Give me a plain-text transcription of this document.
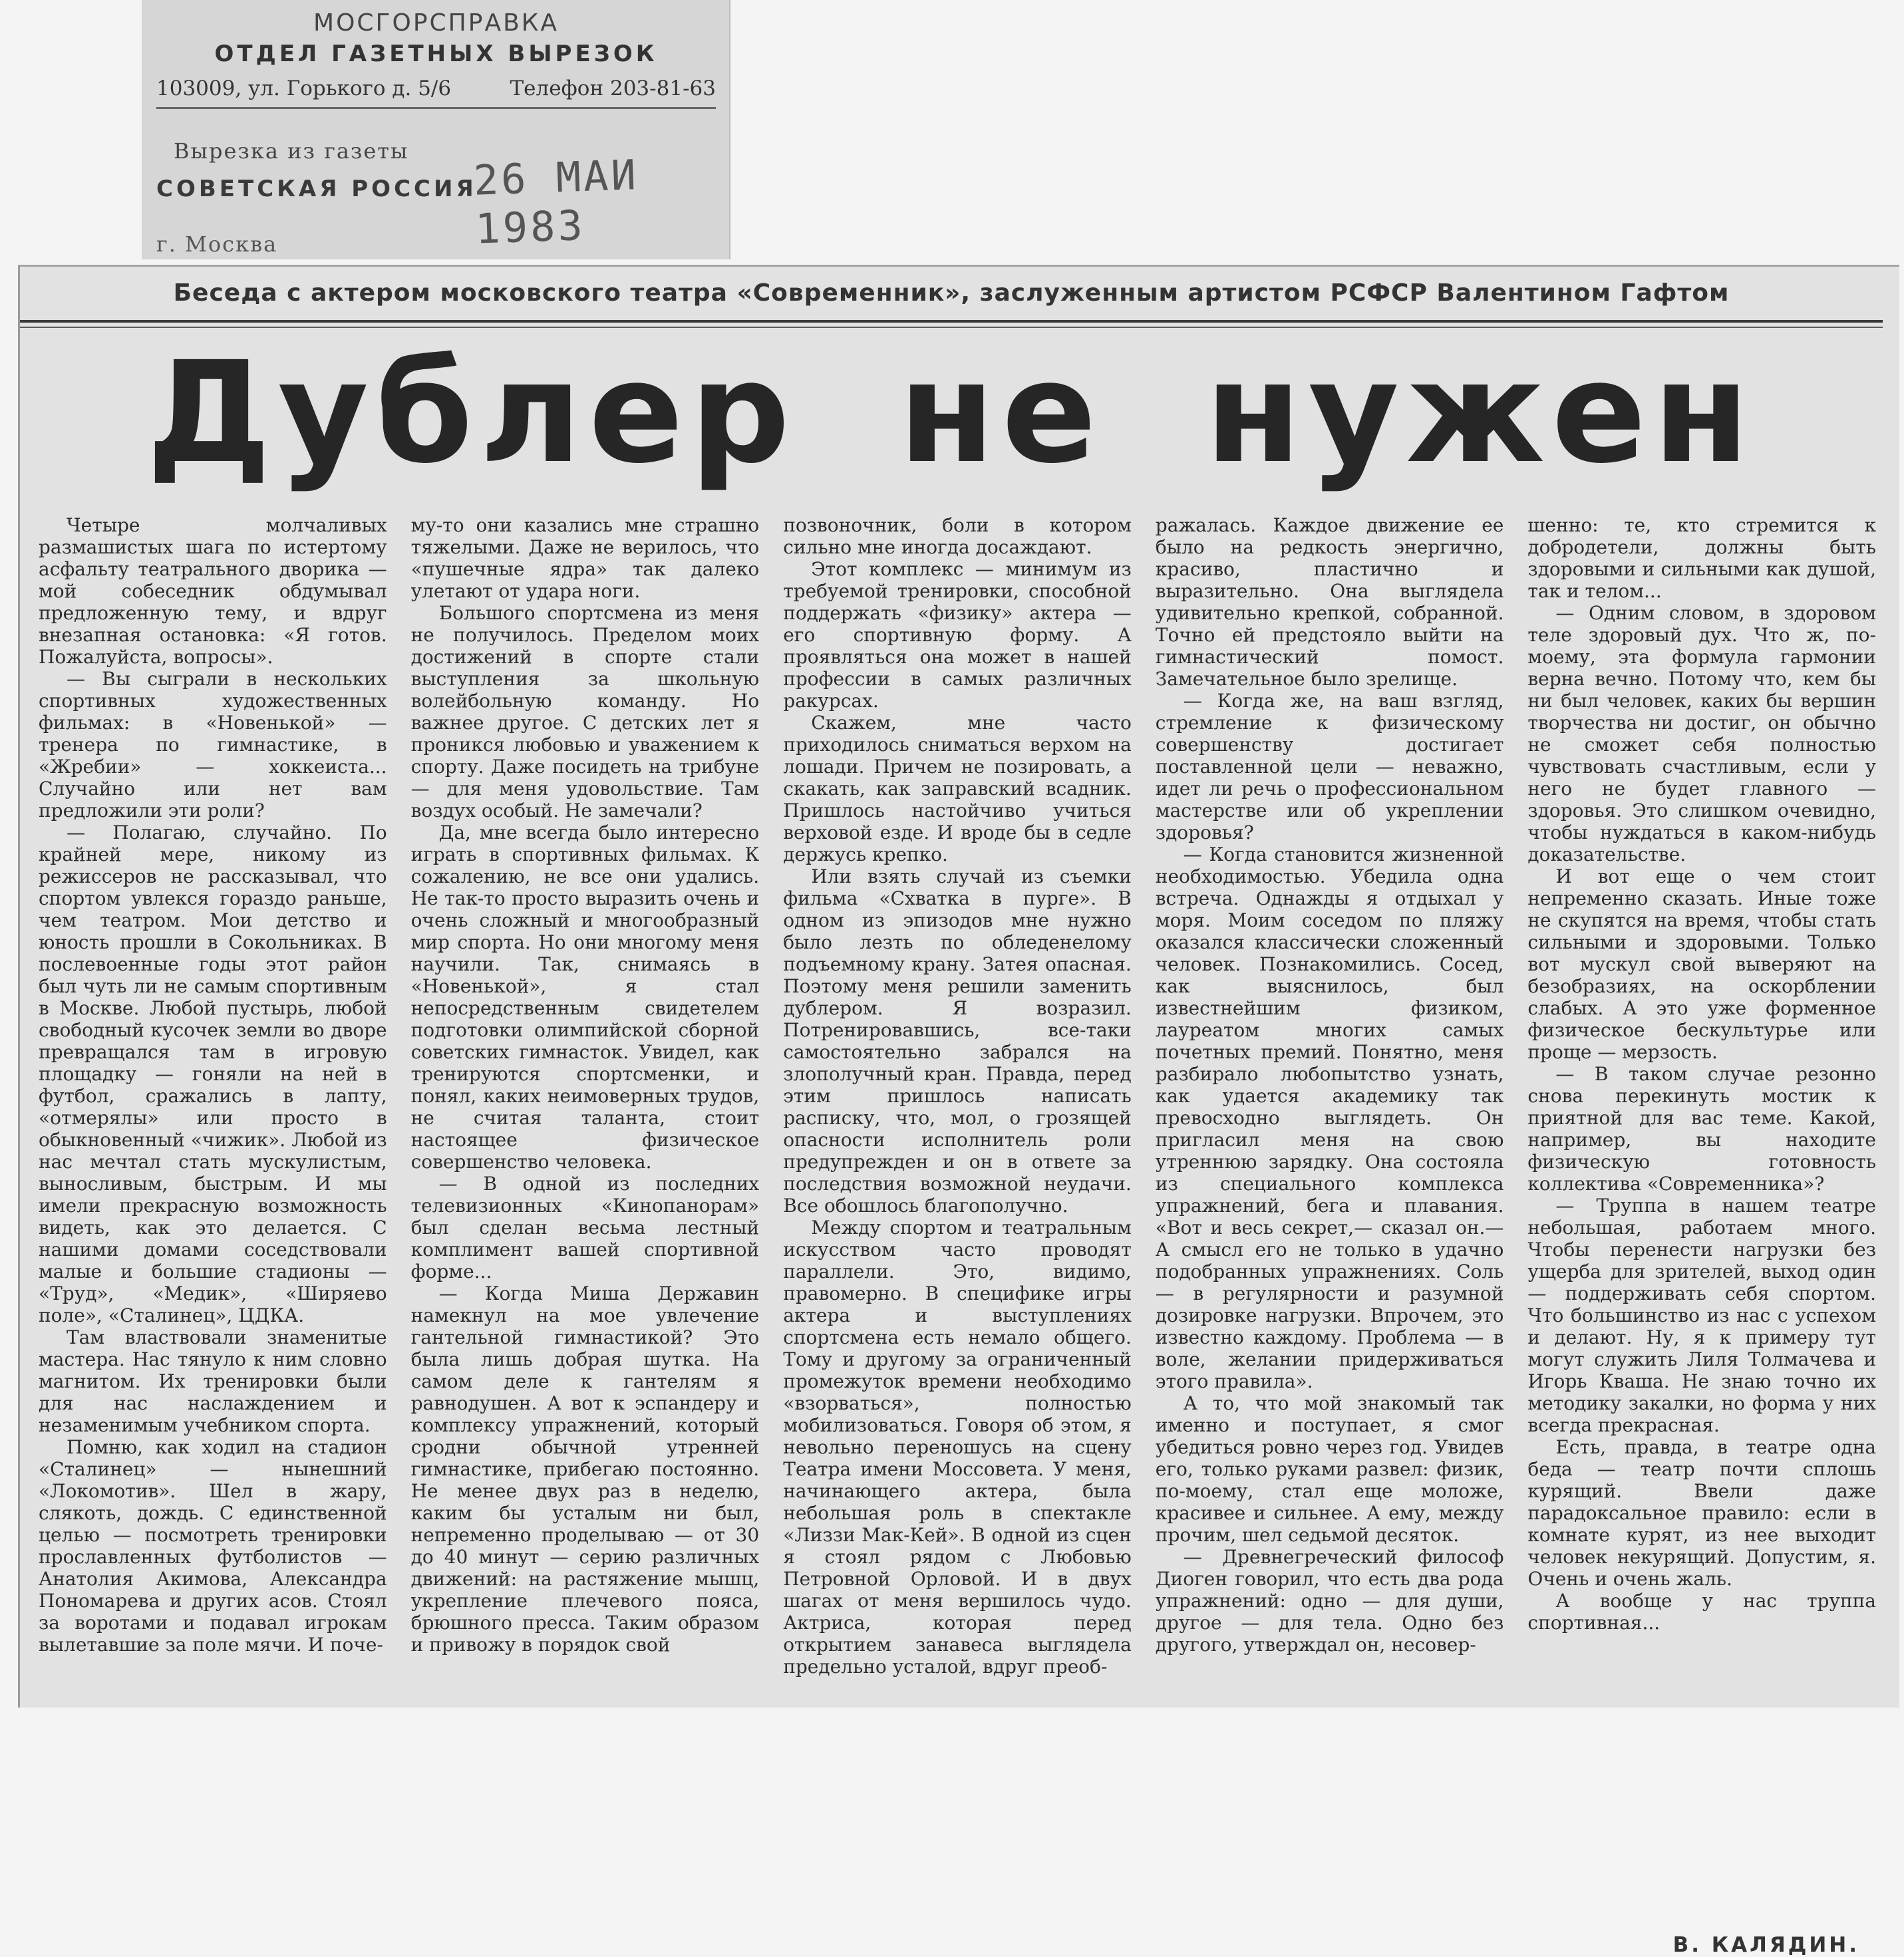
МОСГОРСПРАВКА
ОТДЕЛ ГАЗЕТНЫХ ВЫРЕЗОК
103009, ул. Горького д. 5/6	Телефон 203-81-63
Вырезка из газеты
СОВЕТСКАЯ РОССИЯ
26 МАИ 1983
г. Москва
Беседа с актером московского театра «Современник», заслуженным артистом РСФСР Валентином Гафтом
Дублер не нужен

Четыре молчаливых размашистых шага по истертому асфальту театрального дворика — мой собеседник обдумывал предложенную тему, и вдруг внезапная остановка: «Я готов. Пожалуйста, вопросы».

— Вы сыграли в нескольких спортивных художественных фильмах: в «Новенькой» — тренера по гимнастике, в «Жребии» — хоккеиста... Случайно или нет вам предложили эти роли?

— Полагаю, случайно. По крайней мере, никому из режиссеров не рассказывал, что спортом увлекся гораздо раньше, чем театром. Мои детство и юность прошли в Сокольниках. В послевоенные годы этот район был чуть ли не самым спортивным в Москве. Любой пустырь, любой свободный кусочек земли во дворе превращался там в игровую площадку — гоняли на ней в футбол, сражались в лапту, «отмерялы» или просто в обыкновенный «чижик». Любой из нас мечтал стать мускулистым, выносливым, быстрым. И мы имели прекрасную возможность видеть, как это делается. С нашими домами соседствовали малые и большие стадионы — «Труд», «Медик», «Ширяево поле», «Сталинец», ЦДКА.

Там властвовали знаменитые мастера. Нас тянуло к ним словно магнитом. Их тренировки были для нас наслаждением и незаменимым учебником спорта.

Помню, как ходил на стадион «Сталинец» — нынешний «Локомотив». Шел в жару, слякоть, дождь. С единственной целью — посмотреть тренировки прославленных футболистов — Анатолия Акимова, Александра Пономарева и других асов. Стоял за воротами и подавал игрокам вылетавшие за поле мячи. И поче-

му-то они казались мне страшно тяжелыми. Даже не верилось, что «пушечные ядра» так далеко улетают от удара ноги.

Большого спортсмена из меня не получилось. Пределом моих достижений в спорте стали выступления за школьную волейбольную команду. Но важнее другое. С детских лет я проникся любовью и уважением к спорту. Даже посидеть на трибуне — для меня удовольствие. Там воздух особый. Не замечали?

Да, мне всегда было интересно играть в спортивных фильмах. К сожалению, не все они удались. Не так-то просто выразить очень и очень сложный и многообразный мир спорта. Но они многому меня научили. Так, снимаясь в «Новенькой», я стал непосредственным свидетелем подготовки олимпийской сборной советских гимнасток. Увидел, как тренируются спортсменки, и понял, каких неимоверных трудов, не считая таланта, стоит настоящее физическое совершенство человека.

— В одной из последних телевизионных «Кинопанорам» был сделан весьма лестный комплимент вашей спортивной форме...

— Когда Миша Державин намекнул на мое увлечение гантельной гимнастикой? Это была лишь добрая шутка. На самом деле к гантелям я равнодушен. А вот к эспандеру и комплексу упражнений, который сродни обычной утренней гимнастике, прибегаю постоянно. Не менее двух раз в неделю, каким бы усталым ни был, непременно проделываю — от 30 до 40 минут — серию различных движений: на растяжение мышц, укрепление плечевого пояса, брюшного пресса. Таким образом и привожу в порядок свой

позвоночник, боли в котором сильно мне иногда досаждают.

Этот комплекс — минимум из требуемой тренировки, способной поддержать «физику» актера — его спортивную форму. А проявляться она может в нашей профессии в самых различных ракурсах.

Скажем, мне часто приходилось сниматься верхом на лошади. Причем не позировать, а скакать, как заправский всадник. Пришлось настойчиво учиться верховой езде. И вроде бы в седле держусь крепко.

Или взять случай из съемки фильма «Схватка в пурге». В одном из эпизодов мне нужно было лезть по обледенелому подъемному крану. Затея опасная. Поэтому меня решили заменить дублером. Я возразил. Потренировавшись, все-таки самостоятельно забрался на злополучный кран. Правда, перед этим пришлось написать расписку, что, мол, о грозящей опасности исполнитель роли предупрежден и он в ответе за последствия возможной неудачи. Все обошлось благополучно.

Между спортом и театральным искусством часто проводят параллели. Это, видимо, правомерно. В специфике игры актера и выступлениях спортсмена есть немало общего. Тому и другому за ограниченный промежуток времени необходимо «взорваться», полностью мобилизоваться. Говоря об этом, я невольно переношусь на сцену Театра имени Моссовета. У меня, начинающего актера, была небольшая роль в спектакле «Лиззи Мак-Кей». В одной из сцен я стоял рядом с Любовью Петровной Орловой. И в двух шагах от меня вершилось чудо. Актриса, которая перед открытием занавеса выглядела предельно усталой, вдруг преоб-

ражалась. Каждое движение ее было на редкость энергично, красиво, пластично и выразительно. Она выглядела удивительно крепкой, собранной. Точно ей предстояло выйти на гимнастический помост. Замечательное было зрелище.

— Когда же, на ваш взгляд, стремление к физическому совершенству достигает поставленной цели — неважно, идет ли речь о профессиональном мастерстве или об укреплении здоровья?

— Когда становится жизненной необходимостью. Убедила одна встреча. Однажды я отдыхал у моря. Моим соседом по пляжу оказался классически сложенный человек. Познакомились. Сосед, как выяснилось, был известнейшим физиком, лауреатом многих самых почетных премий. Понятно, меня разбирало любопытство узнать, как удается академику так превосходно выглядеть. Он пригласил меня на свою утреннюю зарядку. Она состояла из специального комплекса упражнений, бега и плавания. «Вот и весь секрет,— сказал он.— А смысл его не только в удачно подобранных упражнениях. Соль — в регулярности и разумной дозировке нагрузки. Впрочем, это известно каждому. Проблема — в воле, желании придерживаться этого правила».

А то, что мой знакомый так именно и поступает, я смог убедиться ровно через год. Увидев его, только руками развел: физик, по-моему, стал еще моложе, красивее и сильнее. А ему, между прочим, шел седьмой десяток.

— Древнегреческий философ Диоген говорил, что есть два рода упражнений: одно — для души, другое — для тела. Одно без другого, утверждал он, несовер-

шенно: те, кто стремится к добродетели, должны быть здоровыми и сильными как душой, так и телом...

— Одним словом, в здоровом теле здоровый дух. Что ж, по-моему, эта формула гармонии верна вечно. Потому что, кем бы ни был человек, каких бы вершин творчества ни достиг, он обычно не сможет себя полностью чувствовать счастливым, если у него не будет главного — здоровья. Это слишком очевидно, чтобы нуждаться в каком-нибудь доказательстве.

И вот еще о чем стоит непременно сказать. Иные тоже не скупятся на время, чтобы стать сильными и здоровыми. Только вот мускул свой выверяют на безобразиях, на оскорблении слабых. А это уже форменное физическое бескультурье или проще — мерзость.

— В таком случае резонно снова перекинуть мостик к приятной для вас теме. Какой, например, вы находите физическую готовность коллектива «Современника»?

— Труппа в нашем театре небольшая, работаем много. Чтобы перенести нагрузки без ущерба для зрителей, выход один — поддерживать себя спортом. Что большинство из нас с успехом и делают. Ну, я к примеру тут могут служить Лиля Толмачева и Игорь Кваша. Не знаю точно их методику закалки, но форма у них всегда прекрасная.

Есть, правда, в театре одна беда — театр почти сплошь курящий. Ввели даже парадоксальное правило: если в комнате курят, из нее выходит человек некурящий. Допустим, я. Очень и очень жаль.

А вообще у нас труппа спортивная...

В. КАЛЯДИН.
